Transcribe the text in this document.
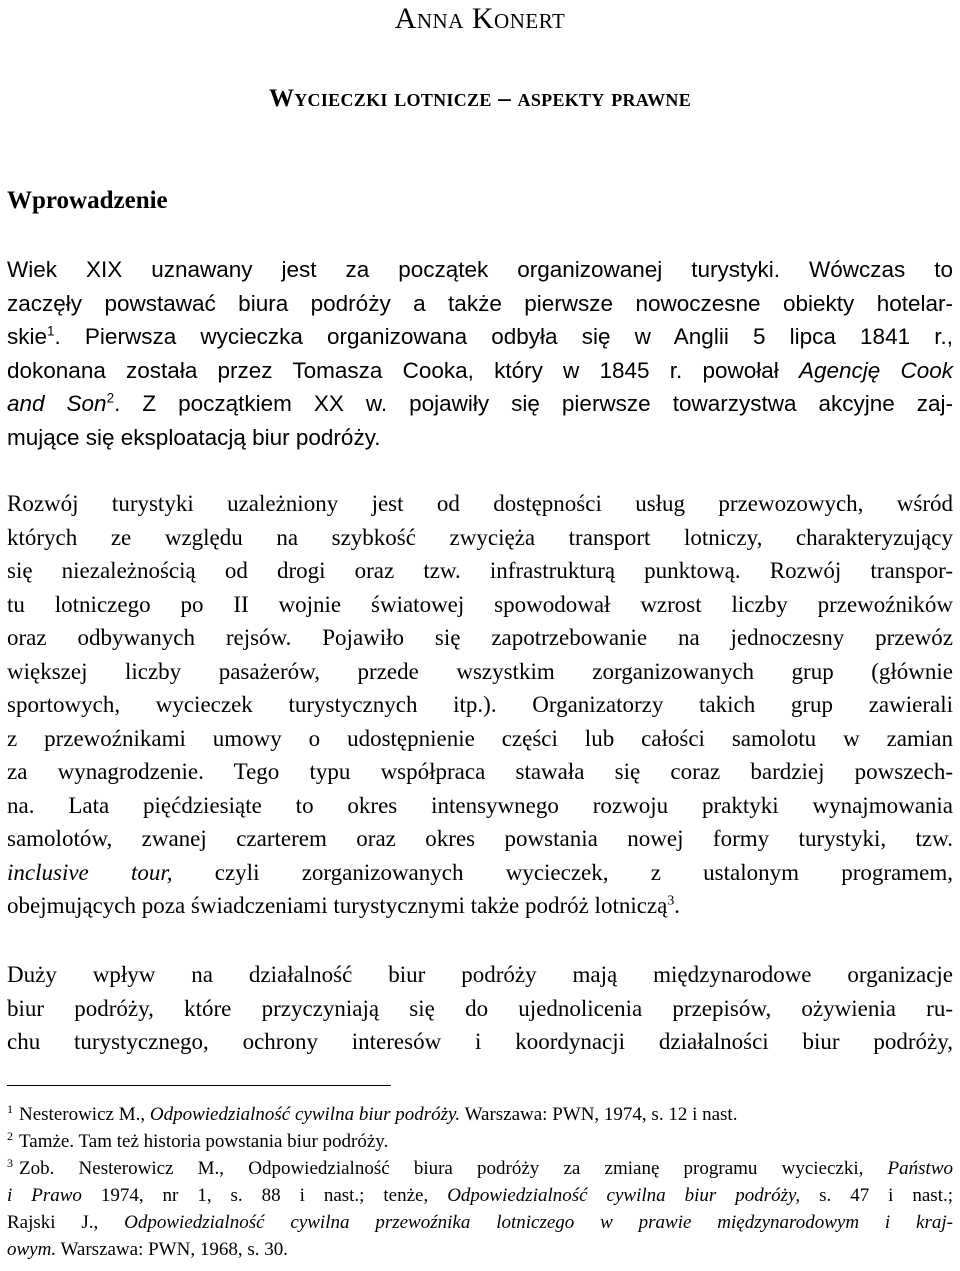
Anna Konert
Wycieczki lotnicze – aspekty prawne
Wprowadzenie
Wiek XIX uznawany jest za początek organizowanej turystyki. Wówczas to
zaczęły powstawać biura podróży a także pierwsze nowoczesne obiekty hotelar-
skie$^1$. Pierwsza wycieczka organizowana odbyła się w Anglii 5 lipca 1841 r.,
dokonana została przez Tomasza Cooka, który w 1845 r. powołał Agencję Cook
and Son$^2$. Z początkiem XX w. pojawiły się pierwsze towarzystwa akcyjne zaj-
mujące się eksploatacją biur podróży.
Rozwój turystyki uzależniony jest od dostępności usług przewozowych, wśród
których ze względu na szybkość zwycięża transport lotniczy, charakteryzujący
się niezależnością od drogi oraz tzw. infrastrukturą punktową. Rozwój transpor-
tu lotniczego po II wojnie światowej spowodował wzrost liczby przewoźników
oraz odbywanych rejsów. Pojawiło się zapotrzebowanie na jednoczesny przewóz
większej liczby pasażerów, przede wszystkim zorganizowanych grup (głównie
sportowych, wycieczek turystycznych itp.). Organizatorzy takich grup zawierali
z przewoźnikami umowy o udostępnienie części lub całości samolotu w zamian
za wynagrodzenie. Tego typu współpraca stawała się coraz bardziej powszech-
na. Lata pięćdziesiąte to okres intensywnego rozwoju praktyki wynajmowania
samolotów, zwanej czarterem oraz okres powstania nowej formy turystyki, tzw.
inclusive tour, czyli zorganizowanych wycieczek, z ustalonym programem,
obejmujących poza świadczeniami turystycznymi także podróż lotniczą$^3$.
Duży wpływ na działalność biur podróży mają międzynarodowe organizacje
biur podróży, które przyczyniają się do ujednolicenia przepisów, ożywienia ru-
chu turystycznego, ochrony interesów i koordynacji działalności biur podróży,
$^1$ Nesterowicz M., Odpowiedzialność cywilna biur podróży. Warszawa: PWN, 1974, s. 12 i nast.
$^2$ Tamże. Tam też historia powstania biur podróży.
$^3$ Zob. Nesterowicz M., Odpowiedzialność biura podróży za zmianę programu wycieczki, Państwo
i Prawo 1974, nr 1, s. 88 i nast.; tenże, Odpowiedzialność cywilna biur podróży, s. 47 i nast.;
Rajski J., Odpowiedzialność cywilna przewoźnika lotniczego w prawie międzynarodowym i kraj-
owym. Warszawa: PWN, 1968, s. 30.
